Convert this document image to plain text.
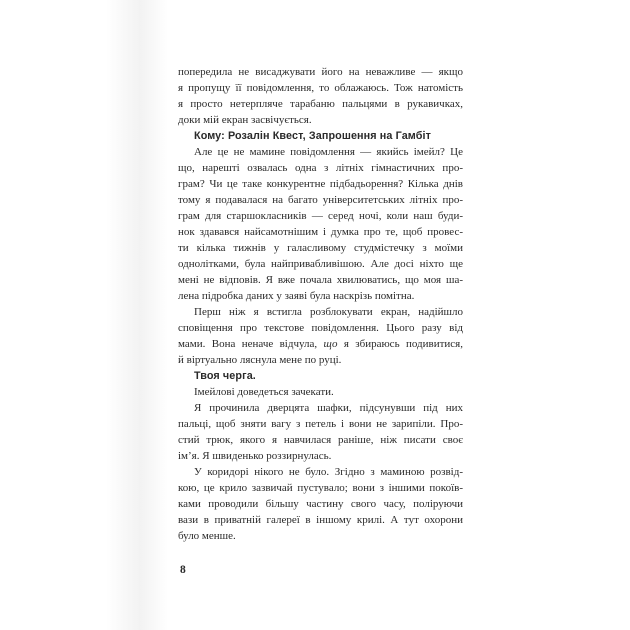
попередила не висаджувати його на неважливе — якщо
я пропущу її повідомлення, то облажаюсь. Тож натомість
я просто нетерпляче тарабаню пальцями в рукавичках,
доки мій екран засвічується.
Кому: Розалін Квест, Запрошення на Гамбіт
Але це не мамине повідомлення — якийсь імейл? Це
що, нарешті озвалась одна з літніх гімнастичних про-
грам? Чи це таке конкурентне підбадьорення? Кілька днів
тому я подавалася на багато університетських літніх про-
грам для старшокласників — серед ночі, коли наш буди-
нок здавався найсамотнішим і думка про те, щоб провес-
ти кілька тижнів у галасливому студмістечку з моїми
однолітками, була найпривабливішою. Але досі ніхто ще
мені не відповів. Я вже почала хвилюватись, що моя ша-
лена підробка даних у заяві була наскрізь помітна.
Перш ніж я встигла розблокувати екран, надійшло
сповіщення про текстове повідомлення. Цього разу від
мами. Вона неначе відчула, що я збираюсь подивитися,
й віртуально ляснула мене по руці.
Твоя черга.
Імейлові доведеться зачекати.
Я прочинила дверцята шафки, підсунувши під них
пальці, щоб зняти вагу з петель і вони не зарипіли. Про-
стий трюк, якого я навчилася раніше, ніж писати своє
ім’я. Я швиденько роззирнулась.
У коридорі нікого не було. Згідно з маминою розвід-
кою, це крило зазвичай пустувало; вони з іншими покоїв-
ками проводили більшу частину свого часу, поліруючи
вази в приватній галереї в іншому крилі. А тут охорони
було менше.
8
